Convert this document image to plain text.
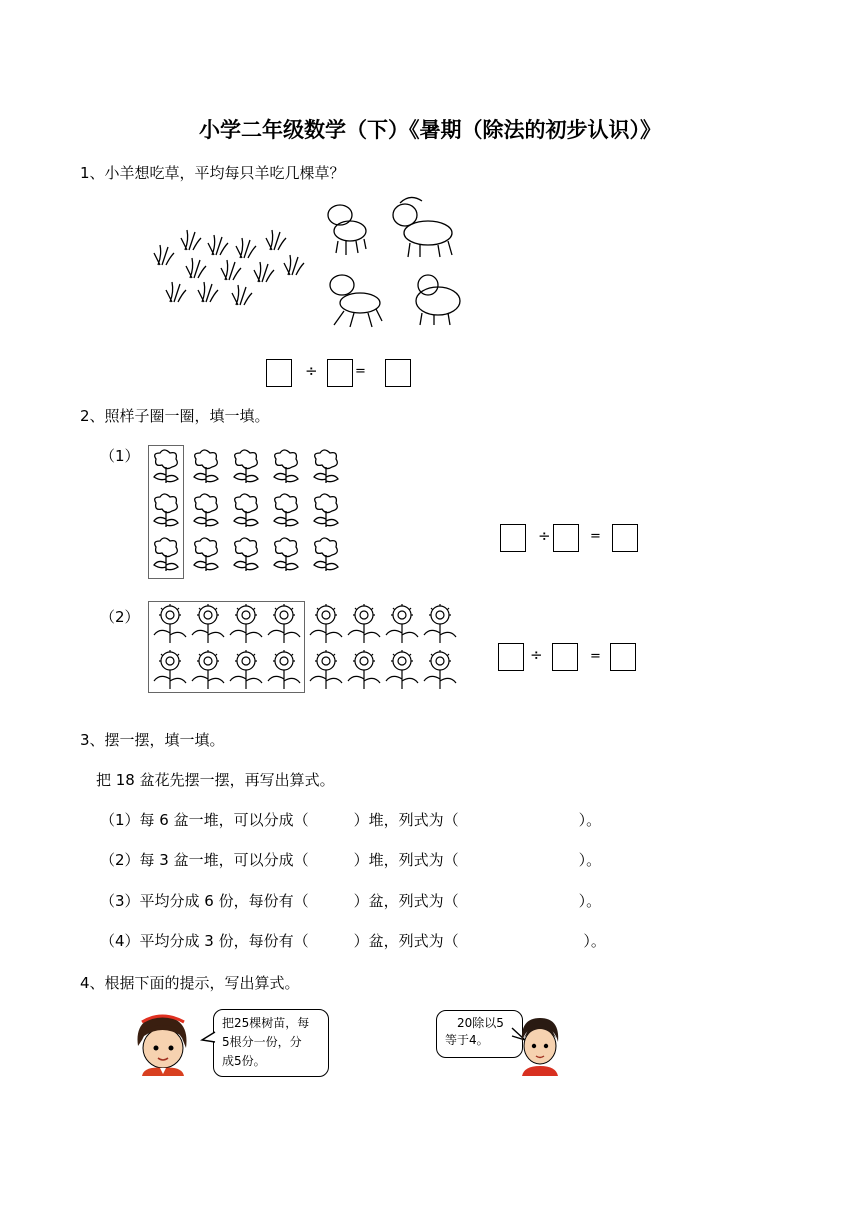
小学二年级数学（下）《暑期（除法的初步认识）》
1、小羊想吃草，平均每只羊吃几棵草？
÷	=
2、照样子圈一圈，填一填。
（1）
÷	=
（2）
÷	=
3、摆一摆，填一填。
把 18 盆花先摆一摆，再写出算式。
（1）每 6 盆一堆，可以分成（　　　）堆，列式为（　　　　　　　　）。
（2）每 3 盆一堆，可以分成（　　　）堆，列式为（　　　　　　　　）。
（3）平均分成 6 份，每份有（　　　）盆，列式为（　　　　　　　　）。
（4）平均分成 3 份，每份有（　　　）盆，列式为（　　　　　　　　 ）。
4、根据下面的提示，写出算式。
把25棵树苗，每
5根分一份，分
成5份。
20除以5
等于4。
